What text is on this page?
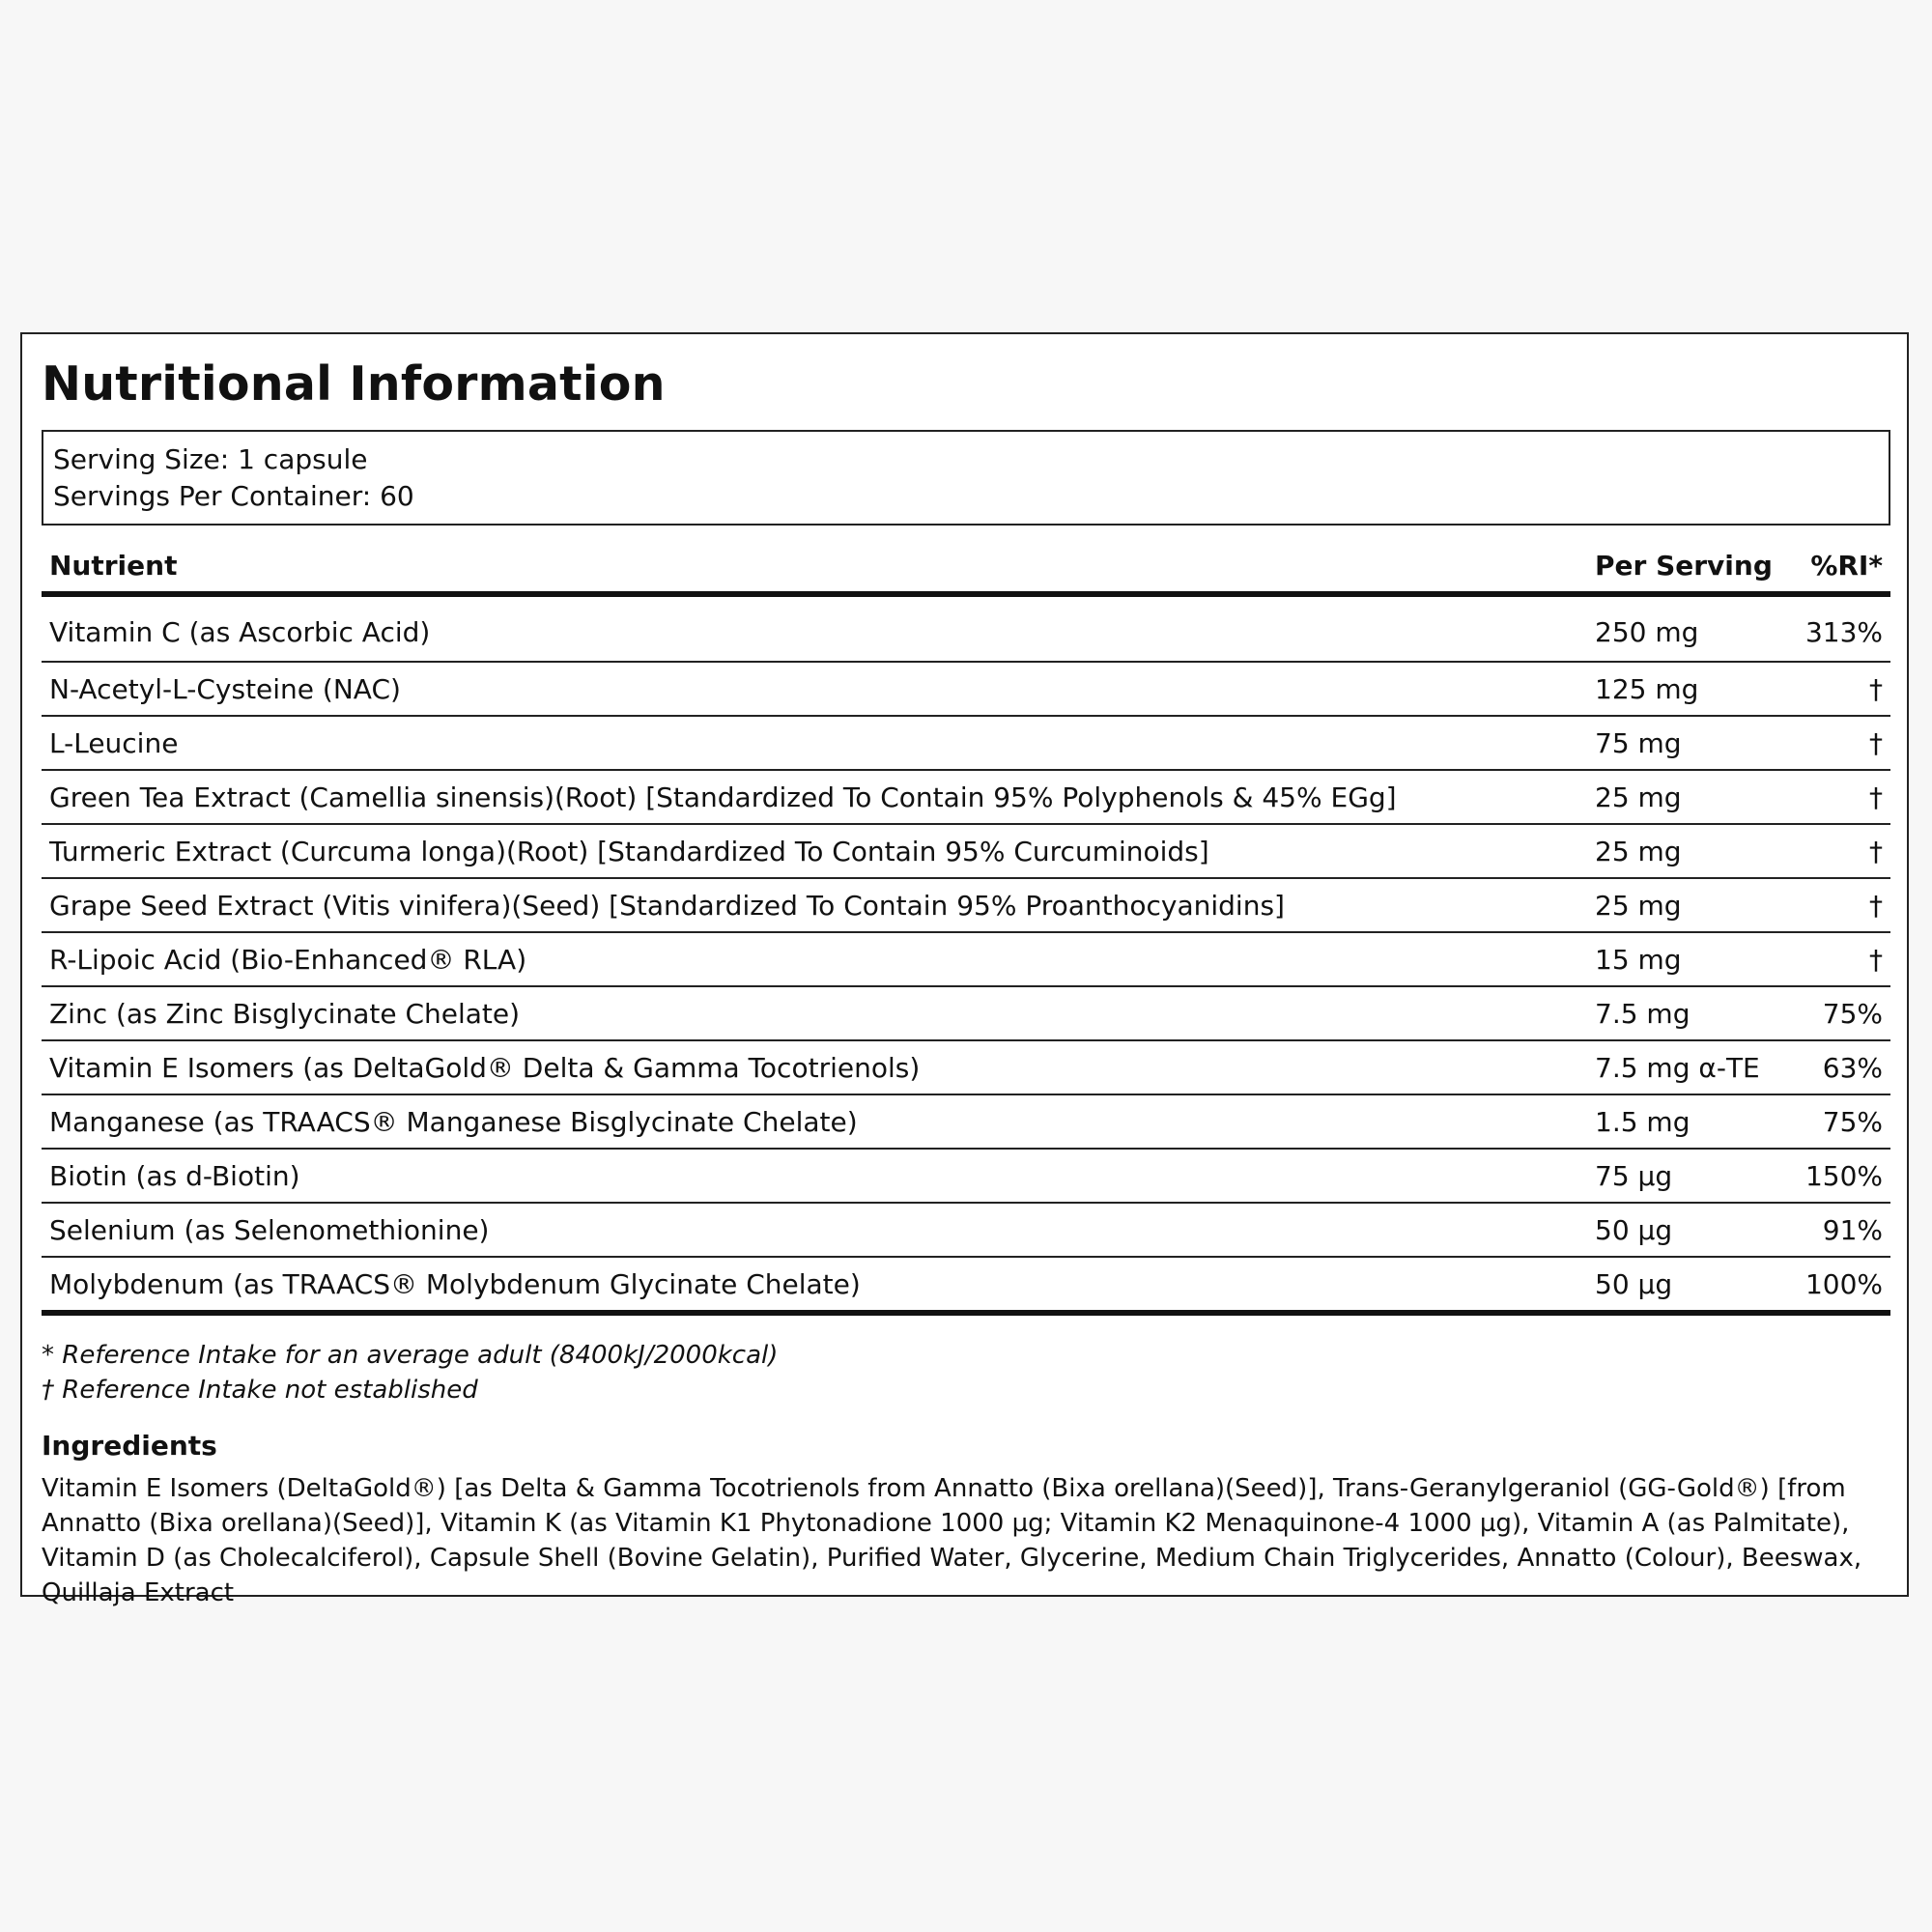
Nutritional Information
Serving Size: 1 capsule
Servings Per Container: 60
Nutrient	Per Serving	%RI*
Vitamin C (as Ascorbic Acid)	250 mg	313%
N-Acetyl-L-Cysteine (NAC)	125 mg	†
L-Leucine	75 mg	†
Green Tea Extract (Camellia sinensis)(Root) [Standardized To Contain 95% Polyphenols & 45% EGg]	25 mg	†
Turmeric Extract (Curcuma longa)(Root) [Standardized To Contain 95% Curcuminoids]	25 mg	†
Grape Seed Extract (Vitis vinifera)(Seed) [Standardized To Contain 95% Proanthocyanidins]	25 mg	†
R-Lipoic Acid (Bio-Enhanced® RLA)	15 mg	†
Zinc (as Zinc Bisglycinate Chelate)	7.5 mg	75%
Vitamin E Isomers (as DeltaGold® Delta & Gamma Tocotrienols)	7.5 mg α-TE	63%
Manganese (as TRAACS® Manganese Bisglycinate Chelate)	1.5 mg	75%
Biotin (as d-Biotin)	75 µg	150%
Selenium (as Selenomethionine)	50 µg	91%
Molybdenum (as TRAACS® Molybdenum Glycinate Chelate)	50 µg	100%
* Reference Intake for an average adult (8400kJ/2000kcal)
† Reference Intake not established
Ingredients

Vitamin E Isomers (DeltaGold®) [as Delta & Gamma Tocotrienols from Annatto (Bixa orellana)(Seed)], Trans-Geranylgeraniol (GG-Gold®) [from Annatto (Bixa orellana)(Seed)], Vitamin K (as Vitamin K1 Phytonadione 1000 µg; Vitamin K2 Menaquinone-4 1000 µg), Vitamin A (as Palmitate), Vitamin D (as Cholecalciferol), Capsule Shell (Bovine Gelatin), Purified Water, Glycerine, Medium Chain Triglycerides, Annatto (Colour), Beeswax, Quillaja Extract
